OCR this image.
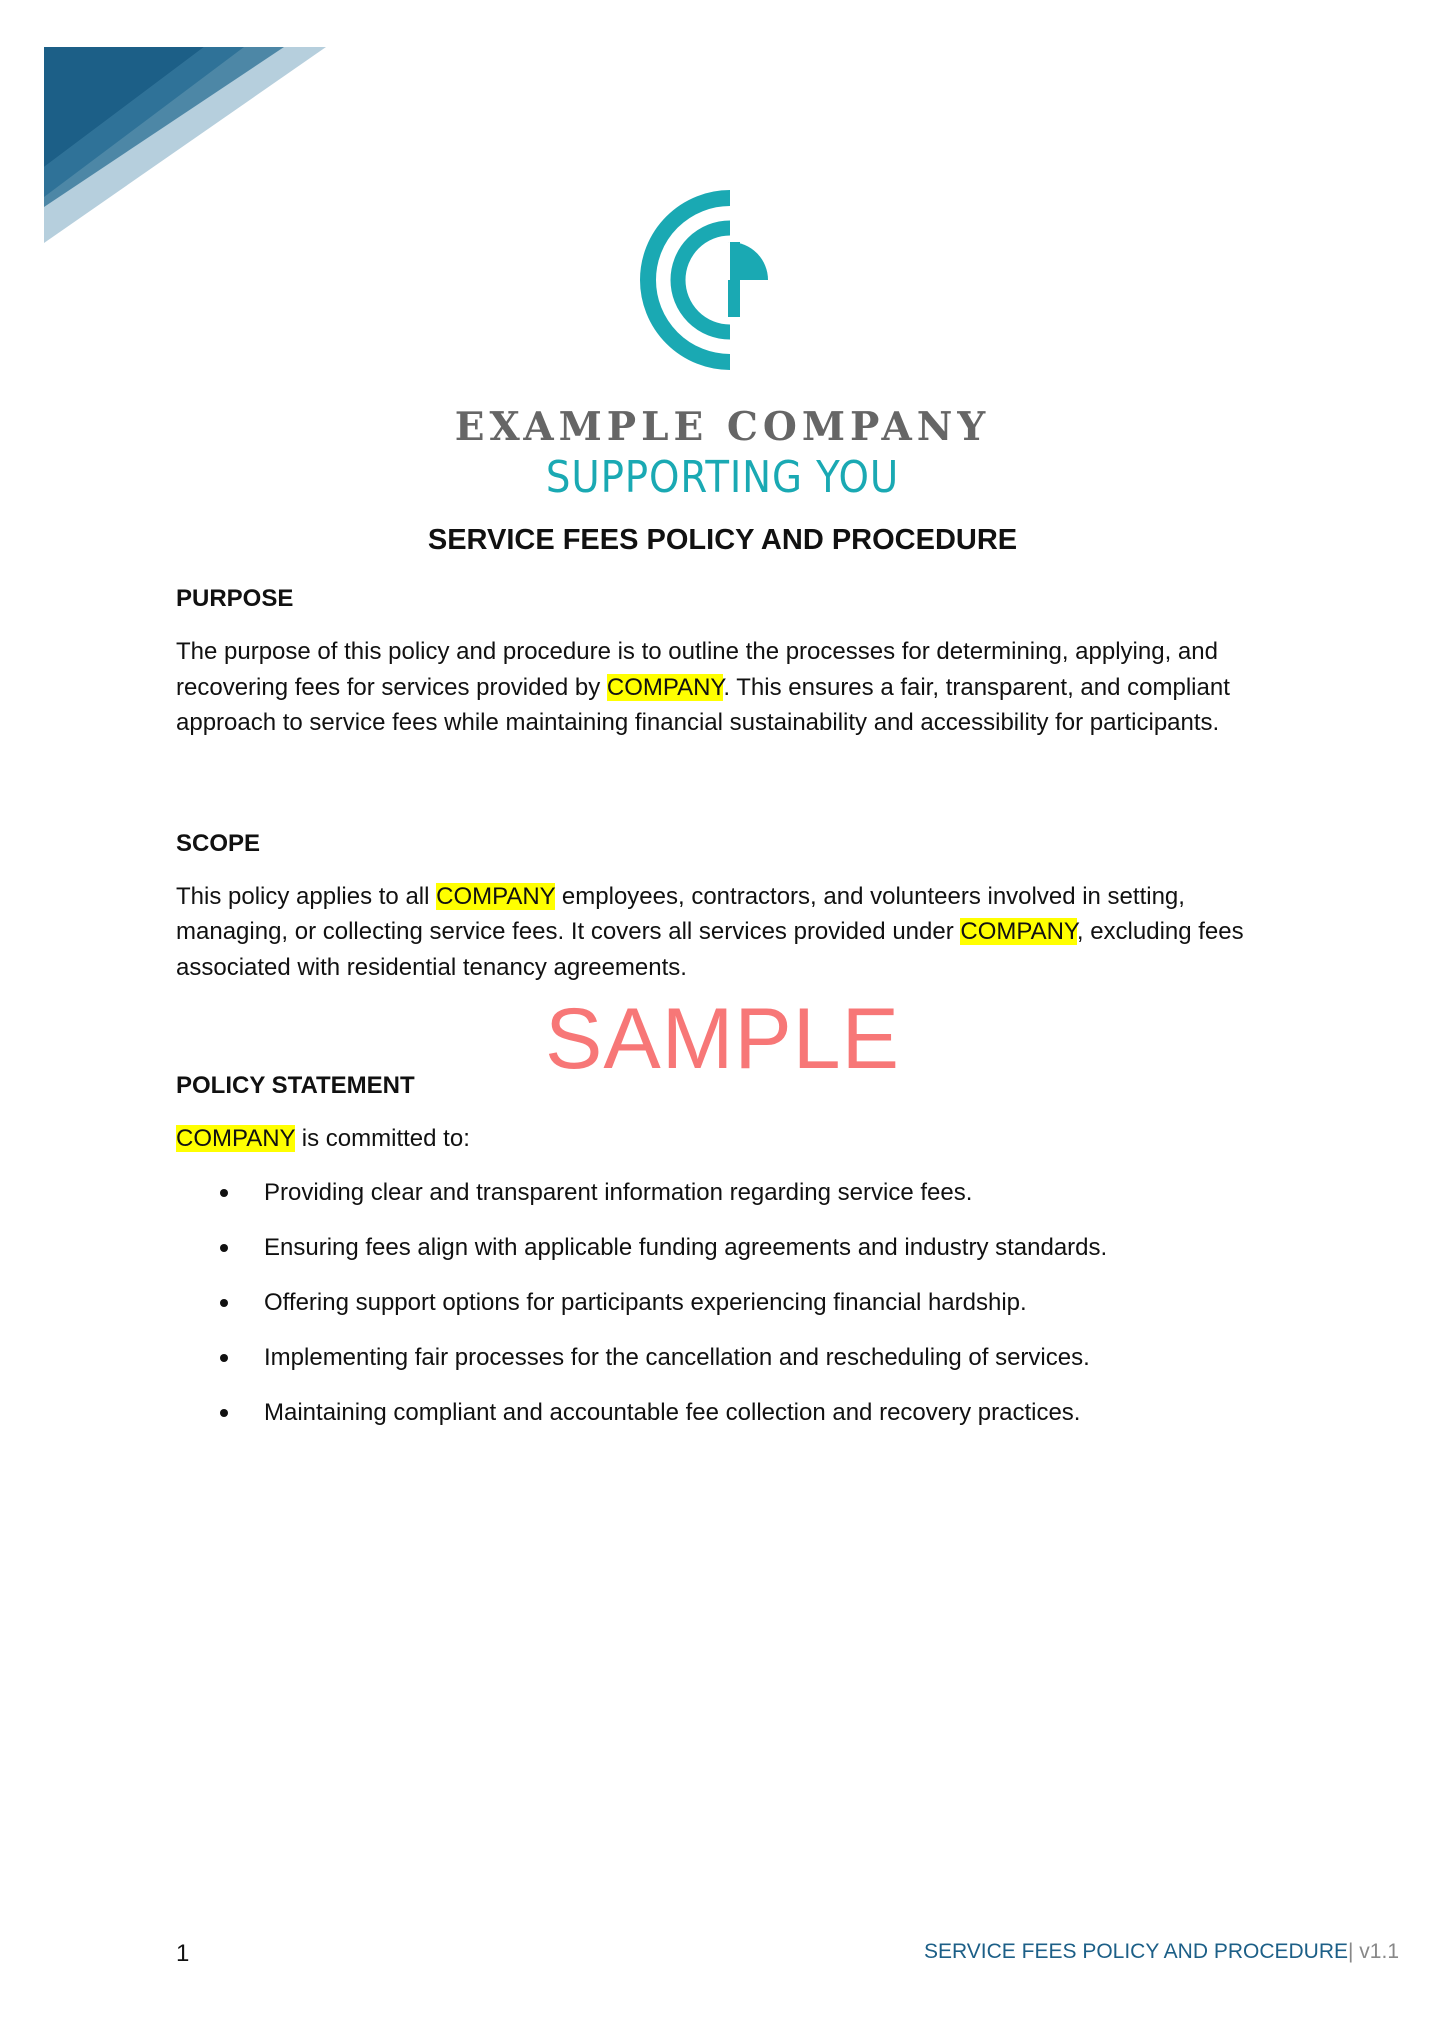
EXAMPLE COMPANY
SUPPORTING YOU
SERVICE FEES POLICY AND PROCEDURE
PURPOSE

The purpose of this policy and procedure is to outline the processes for determining, applying, and recovering fees for services provided by COMPANY. This ensures a fair, transparent, and compliant approach to service fees while maintaining financial sustainability and accessibility for participants.

SCOPE

This policy applies to all COMPANY employees, contractors, and volunteers involved in setting, managing, or collecting service fees. It covers all services provided under COMPANY, excluding fees associated with residential tenancy agreements.

POLICY STATEMENT

COMPANY is committed to:

Providing clear and transparent information regarding service fees.
Ensuring fees align with applicable funding agreements and industry standards.
Offering support options for participants experiencing financial hardship.
Implementing fair processes for the cancellation and rescheduling of services.
Maintaining compliant and accountable fee collection and recovery practices.
SAMPLE
1	SERVICE FEES POLICY AND PROCEDURE| v1.1
